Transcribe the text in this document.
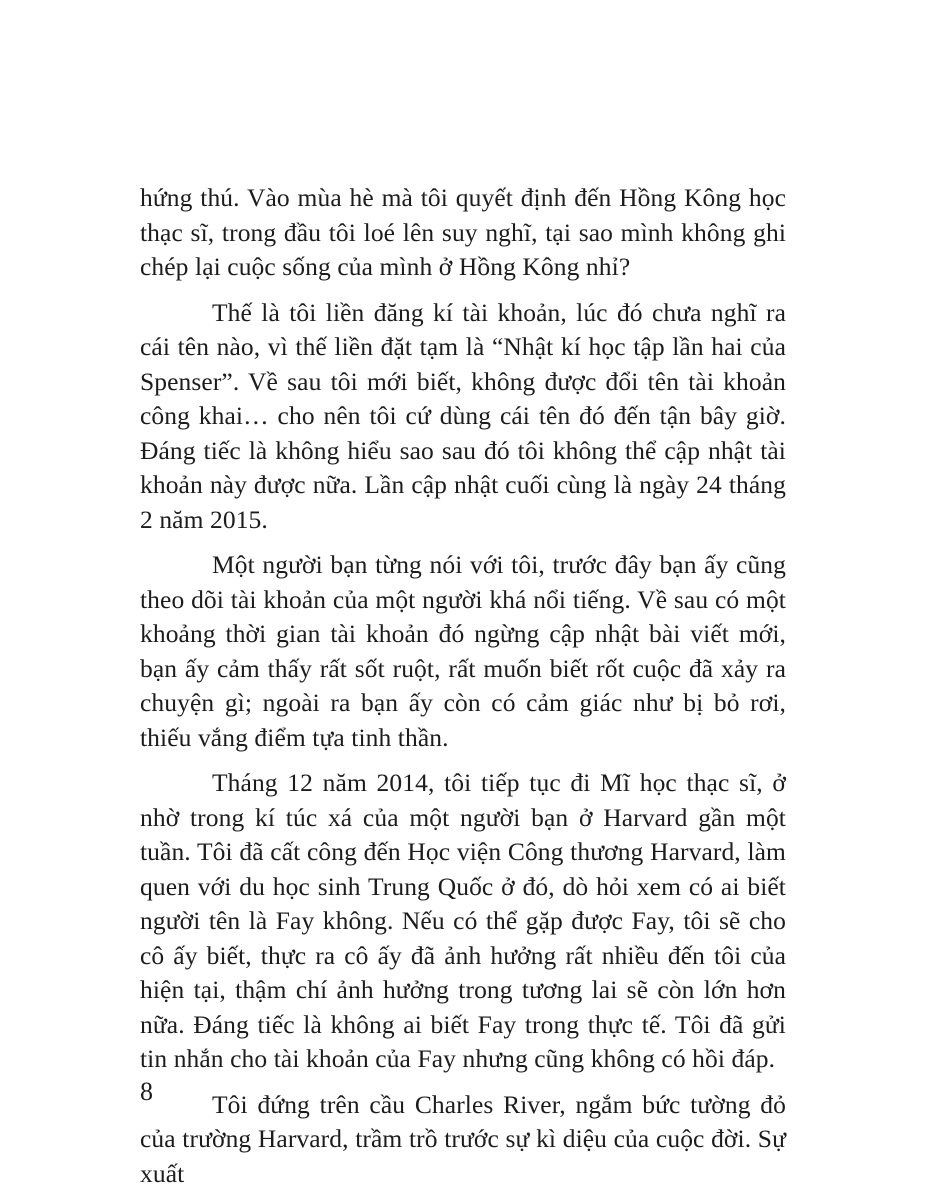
hứng thú. Vào mùa hè mà tôi quyết định đến Hồng Kông học thạc sĩ, trong đầu tôi loé lên suy nghĩ, tại sao mình không ghi chép lại cuộc sống của mình ở Hồng Kông nhỉ?

Thế là tôi liền đăng kí tài khoản, lúc đó chưa nghĩ ra cái tên nào, vì thế liền đặt tạm là “Nhật kí học tập lần hai của Spenser”. Về sau tôi mới biết, không được đổi tên tài khoản công khai… cho nên tôi cứ dùng cái tên đó đến tận bây giờ. Đáng tiếc là không hiểu sao sau đó tôi không thể cập nhật tài khoản này được nữa. Lần cập nhật cuối cùng là ngày 24 tháng 2 năm 2015.

Một người bạn từng nói với tôi, trước đây bạn ấy cũng theo dõi tài khoản của một người khá nổi tiếng. Về sau có một khoảng thời gian tài khoản đó ngừng cập nhật bài viết mới, bạn ấy cảm thấy rất sốt ruột, rất muốn biết rốt cuộc đã xảy ra chuyện gì; ngoài ra bạn ấy còn có cảm giác như bị bỏ rơi, thiếu vắng điểm tựa tinh thần.

Tháng 12 năm 2014, tôi tiếp tục đi Mĩ học thạc sĩ, ở nhờ trong kí túc xá của một người bạn ở Harvard gần một tuần. Tôi đã cất công đến Học viện Công thương Harvard, làm quen với du học sinh Trung Quốc ở đó, dò hỏi xem có ai biết người tên là Fay không. Nếu có thể gặp được Fay, tôi sẽ cho cô ấy biết, thực ra cô ấy đã ảnh hưởng rất nhiều đến tôi của hiện tại, thậm chí ảnh hưởng trong tương lai sẽ còn lớn hơn nữa. Đáng tiếc là không ai biết Fay trong thực tế. Tôi đã gửi tin nhắn cho tài khoản của Fay nhưng cũng không có hồi đáp.

Tôi đứng trên cầu Charles River, ngắm bức tường đỏ của trường Harvard, trầm trồ trước sự kì diệu của cuộc đời. Sự xuất

8
